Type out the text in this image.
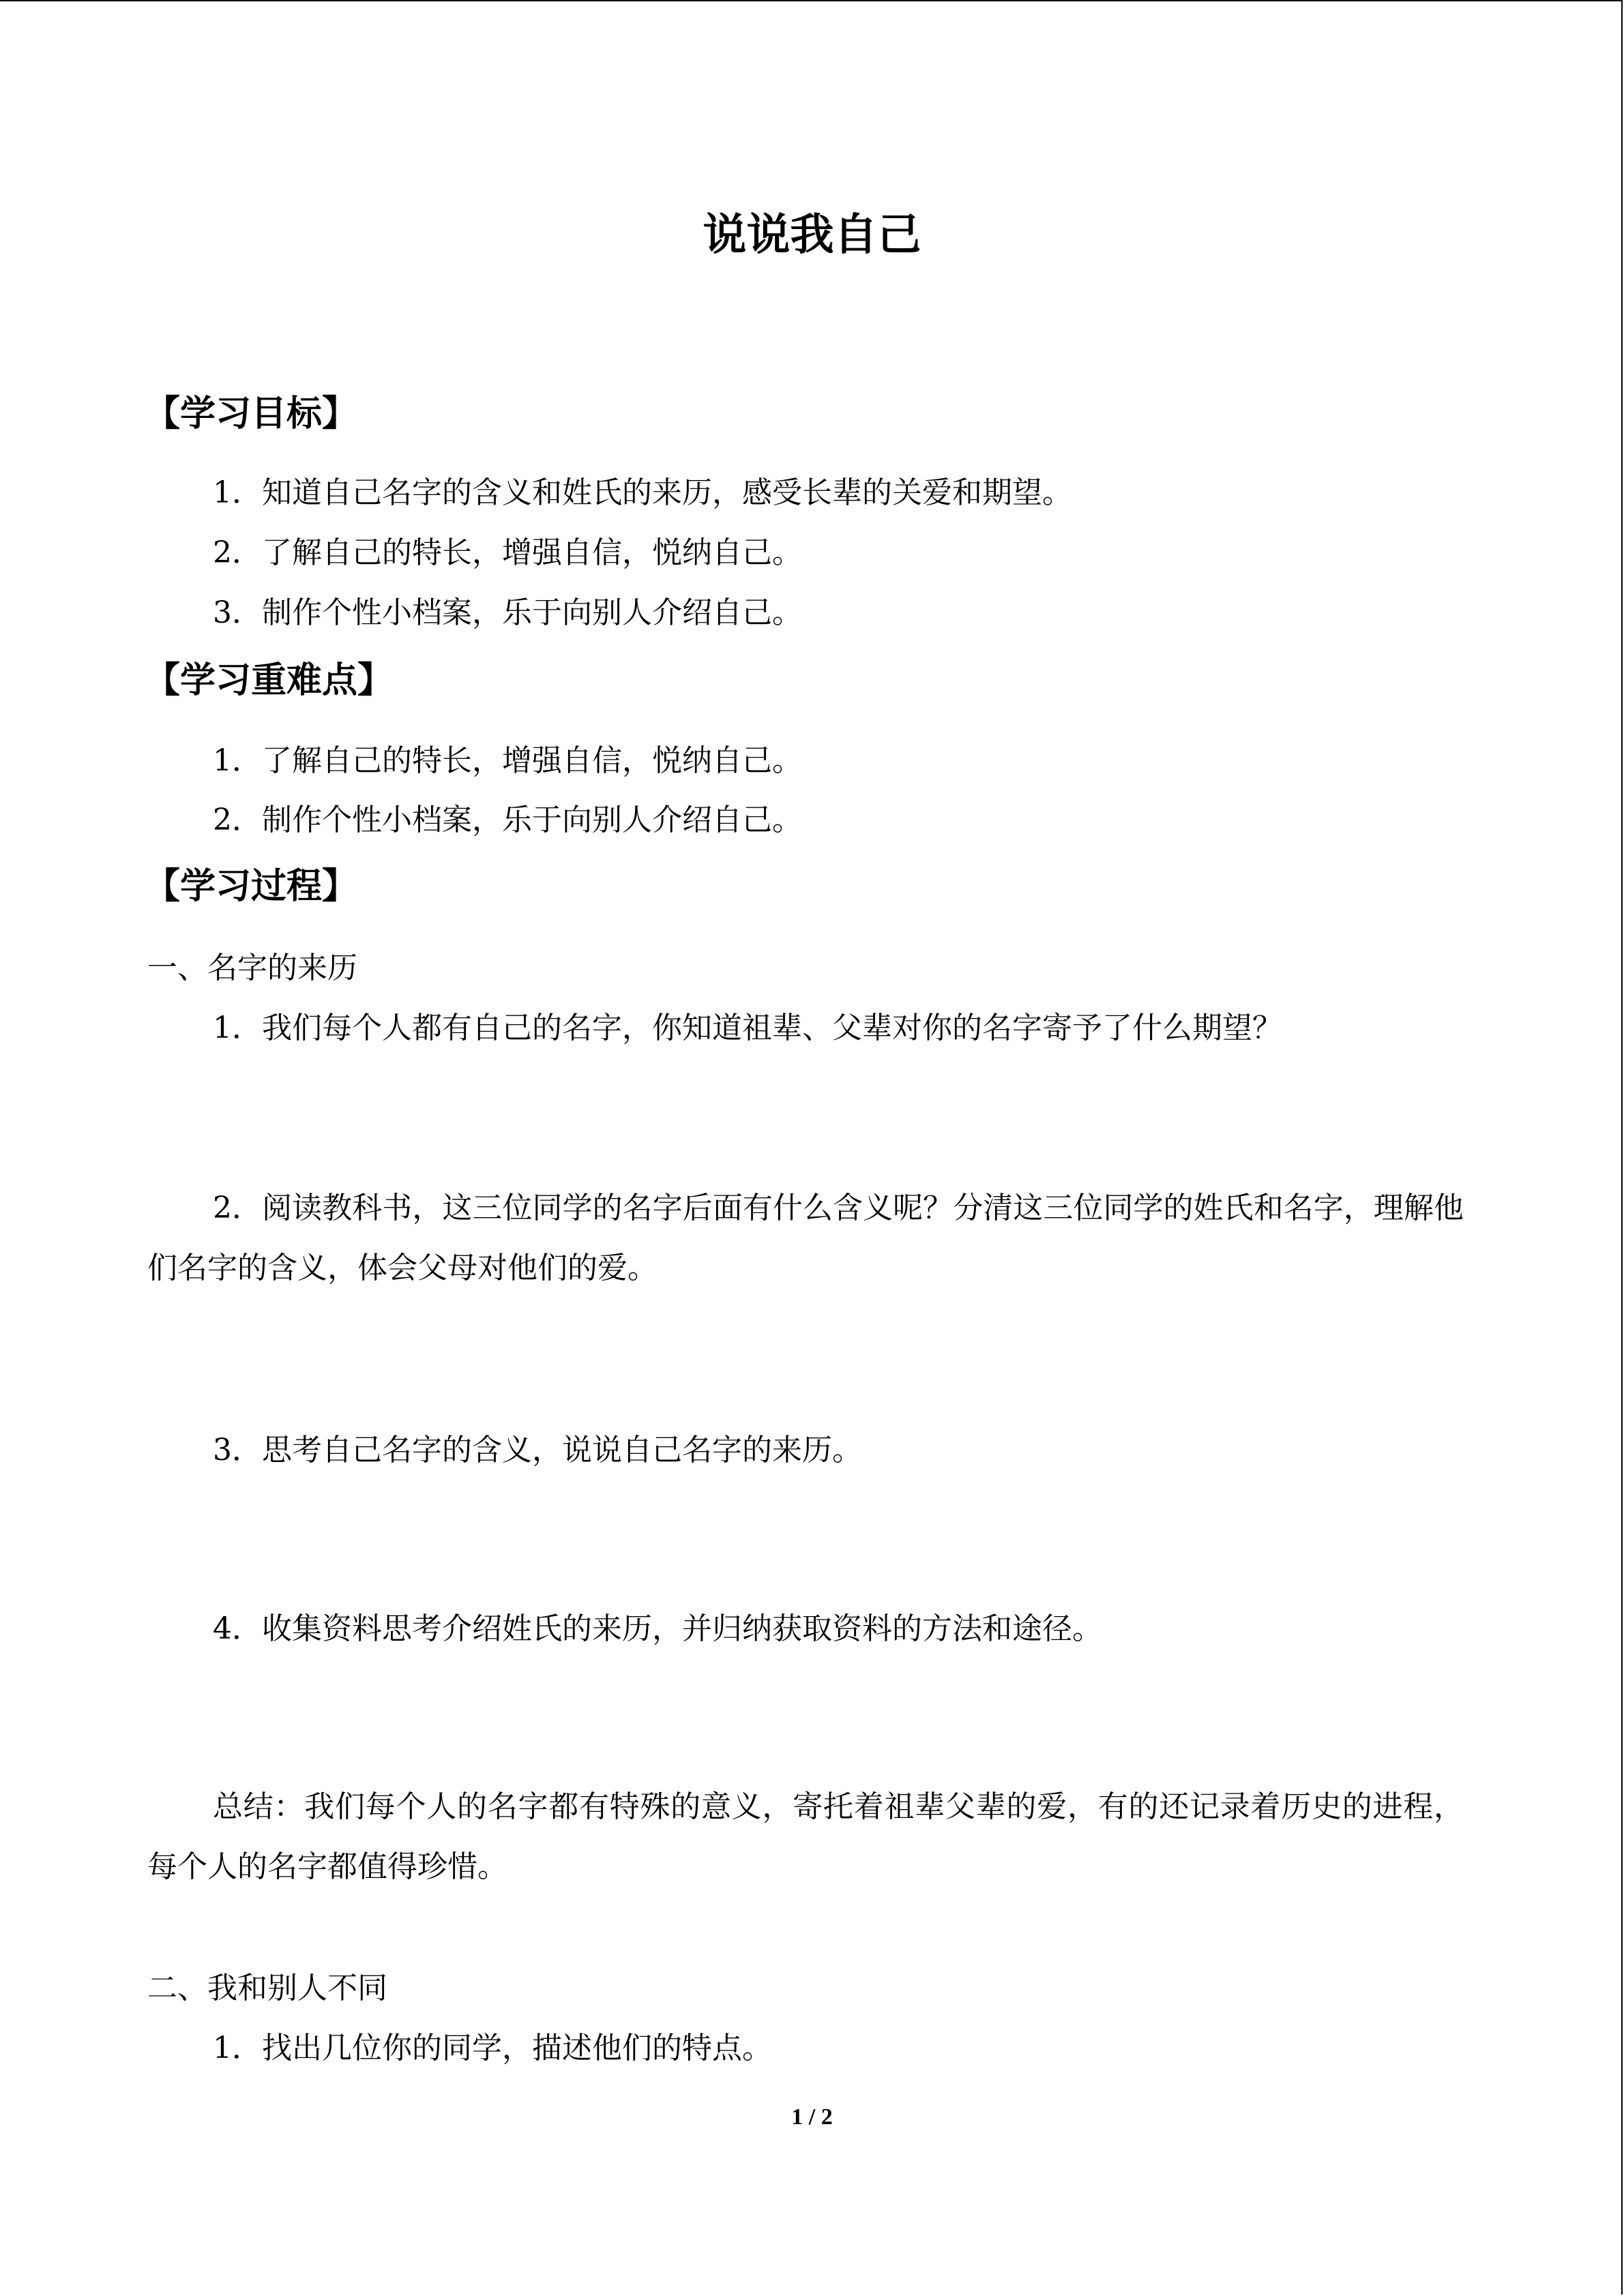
说说我自己
【学习目标】
1．知道自己名字的含义和姓氏的来历，感受长辈的关爱和期望。
2．了解自己的特长，增强自信，悦纳自己。
3．制作个性小档案，乐于向别人介绍自己。
【学习重难点】
1．了解自己的特长，增强自信，悦纳自己。
2．制作个性小档案，乐于向别人介绍自己。
【学习过程】
一、名字的来历
1．我们每个人都有自己的名字，你知道祖辈、父辈对你的名字寄予了什么期望？
2．阅读教科书，这三位同学的名字后面有什么含义呢？分清这三位同学的姓氏和名字，理解他们名字的含义，体会父母对他们的爱。
3．思考自己名字的含义，说说自己名字的来历。
4．收集资料思考介绍姓氏的来历，并归纳获取资料的方法和途径。
总结：我们每个人的名字都有特殊的意义，寄托着祖辈父辈的爱，有的还记录着历史的进程，每个人的名字都值得珍惜。
二、我和别人不同
1．找出几位你的同学，描述他们的特点。
1 / 2
